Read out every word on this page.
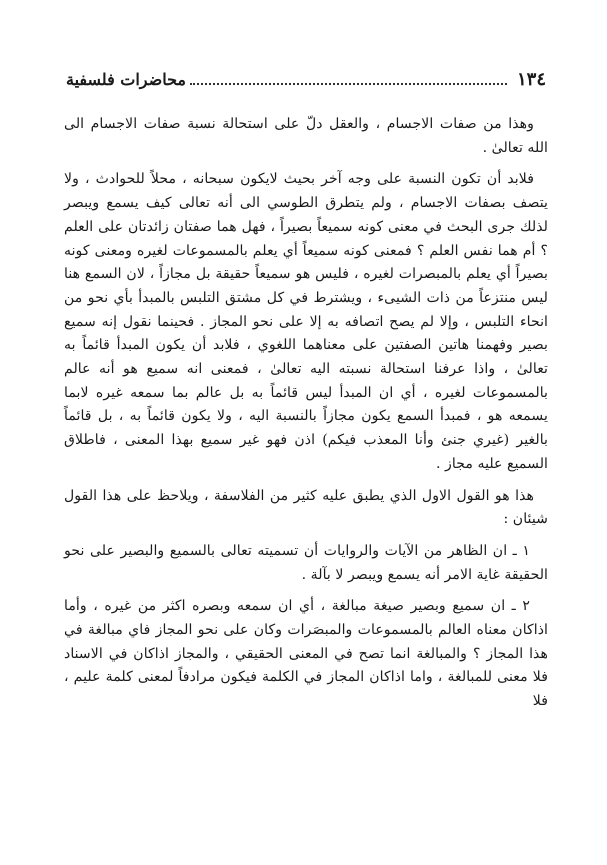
١٣٤
محاضرات فلسفية

وهذا من صفات الاجسام ، والعقل دلّ على استحالة نسبة صفات الاجسام الى الله تعالىٰ .

فلابد أن تكون النسبة على وجه آخر بحيث لايكون سبحانه ، محلاً للحوادث ، ولا يتصف بصفات الاجسام ، ولم يتطرق الطوسي الى أنه تعالى كيف يسمع ويبصر لذلك جرى البحث في معنى كونه سميعاً بصيراً ، فهل هما صفتان زائدتان على العلم ؟ أم هما نفس العلم ؟ فمعنى كونه سميعاً أي يعلم بالمسموعات لغيره ومعنى كونه بصيراً أي يعلم بالمبصرات لغيره ، فليس هو سميعاً حقيقة بل مجازاً ، لان السمع هنا ليس منتزعاً من ذات الشيىء ، ويشترط في كل مشتق التلبس بالمبدأ بأي نحو من انحاء التلبس ، وإلا لم يصح اتصافه به إلا على نحو المجاز . فحينما نقول إنه سميع بصير وفهمنا هاتين الصفتين على معناهما اللغوي ، فلابد أن يكون المبدأ قائماً به تعالىٰ ، واذا عرفنا استحالة نسبته اليه تعالىٰ ، فمعنى انه سميع هو أنه عالم بالمسموعات لغيره ، أي ان المبدأ ليس قائماً به بل عالم بما سمعه غيره لابما يسمعه هو ، فمبدأ السمع يكون مجازاً بالنسبة اليه ، ولا يكون قائماً به ، بل قائماً بالغير (غيري جنئ وأنا المعذب فيكم) اذن فهو غير سميع بهذا المعنى ، فاطلاق السميع عليه مجاز .

هذا هو القول الاول الذي يطبق عليه كثير من الفلاسفة ، ويلاحظ على هذا القول شيئان :

١ ـ ان الظاهر من الآيات والروايات أن تسميته تعالى بالسميع والبصير على نحو الحقيقة غاية الامر أنه يسمع ويبصر لا بآلة .

٢ ـ ان سميع وبصير صيغة مبالغة ، أي ان سمعه وبصره اكثر من غيره ، وأما اذاكان معناه العالم بالمسموعات والمبصَرات وكان على نحو المجاز فاي مبالغة في هذا المجاز ؟ والمبالغة انما تصح في المعنى الحقيقي ، والمجاز اذاكان في الاسناد فلا معنى للمبالغة ، واما اذاكان المجاز في الكلمة فيكون مرادفاً لمعنى كلمة عليم ، فلا
